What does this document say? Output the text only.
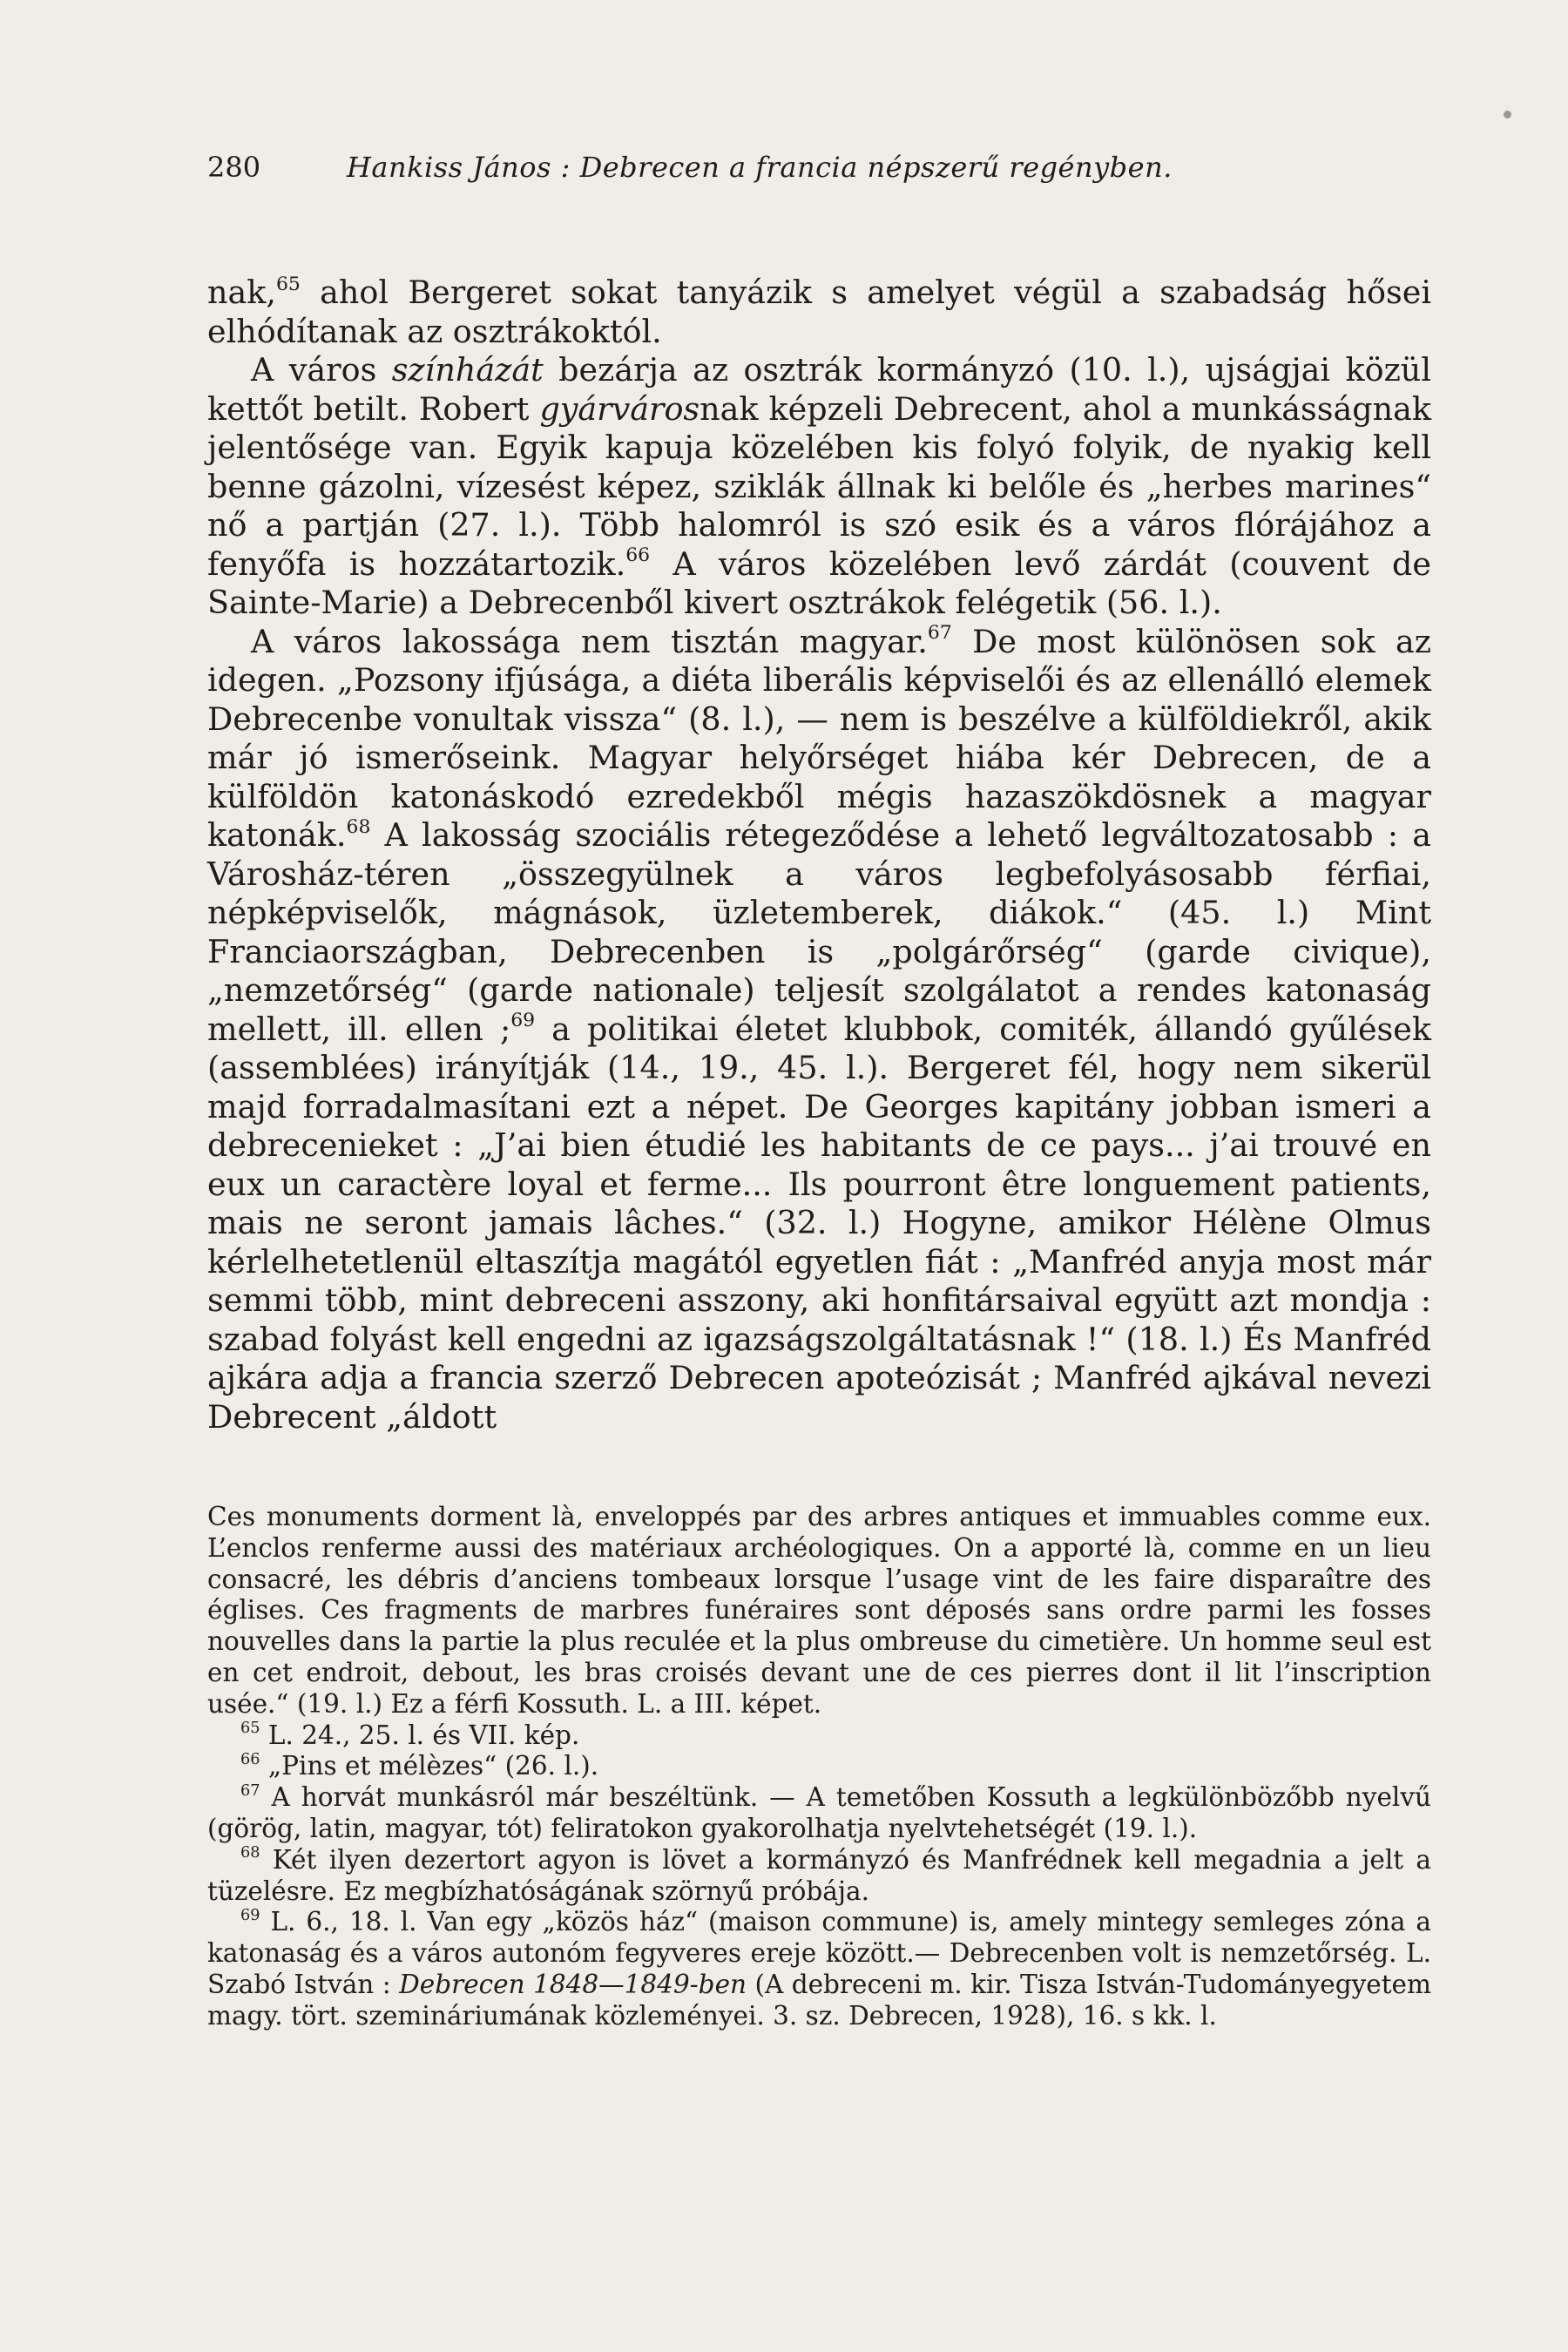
280	Hankiss János : Debrecen a francia népszerű regényben.

nak,$^{65}$ ahol Bergeret sokat tanyázik s amelyet végül a szabadság hősei elhódítanak az osztrákoktól.

A város színházát bezárja az osztrák kormányzó (10. l.), ujságjai közül kettőt betilt. Robert gyárvárosnak képzeli Debrecent, ahol a munkásságnak jelentősége van. Egyik kapuja közelében kis folyó folyik, de nyakig kell benne gázolni, vízesést képez, sziklák állnak ki belőle és „herbes marines“ nő a partján (27. l.). Több halomról is szó esik és a város flórájához a fenyőfa is hozzátartozik.$^{66}$ A város közelében levő zárdát (couvent de Sainte-Marie) a Debrecenből kivert osztrákok felégetik (56. l.).

A város lakossága nem tisztán magyar.$^{67}$ De most különösen sok az idegen. „Pozsony ifjúsága, a diéta liberális képviselői és az ellenálló elemek Debrecenbe vonultak vissza“ (8. l.), — nem is beszélve a külföldiekről, akik már jó ismerőseink. Magyar helyőrséget hiába kér Debrecen, de a külföldön katonáskodó ezredekből mégis hazaszökdösnek a magyar katonák.$^{68}$ A lakosság szociális rétegeződése a lehető legváltozatosabb : a Városház-téren „összegyülnek a város legbefolyásosabb férfiai, népképviselők, mágnások, üzletemberek, diákok.“ (45. l.) Mint Franciaországban, Debrecenben is „polgárőrség“ (garde civique), „nemzetőrség“ (garde nationale) teljesít szolgálatot a rendes katonaság mellett, ill. ellen ;$^{69}$ a politikai életet klubbok, comiték, állandó gyűlések (assemblées) irányítják (14., 19., 45. l.). Bergeret fél, hogy nem sikerül majd forradalmasítani ezt a népet. De Georges kapitány jobban ismeri a debrecenieket : „J’ai bien étudié les habitants de ce pays... j’ai trouvé en eux un caractère loyal et ferme... Ils pourront être longuement patients, mais ne seront jamais lâches.“ (32. l.) Hogyne, amikor Hélène Olmus kérlelhetetlenül eltaszítja magától egyetlen fiát : „Manfréd anyja most már semmi több, mint debreceni asszony, aki honfitársaival együtt azt mondja : szabad folyást kell engedni az igazságszolgáltatásnak !“ (18. l.) És Manfréd ajkára adja a francia szerző Debrecen apoteózisát ; Manfréd ajkával nevezi Debrecent „áldott

Ces monuments dorment là, enveloppés par des arbres antiques et immuables comme eux. L’enclos renferme aussi des matériaux archéologiques. On a apporté là, comme en un lieu consacré, les débris d’anciens tombeaux lorsque l’usage vint de les faire disparaître des églises. Ces fragments de marbres funéraires sont déposés sans ordre parmi les fosses nouvelles dans la partie la plus reculée et la plus ombreuse du cimetière. Un homme seul est en cet endroit, debout, les bras croisés devant une de ces pierres dont il lit l’inscription usée.“ (19. l.) Ez a férfi Kossuth. L. a III. képet.

$^{65}$ L. 24., 25. l. és VII. kép.

$^{66}$ „Pins et mélèzes“ (26. l.).

$^{67}$ A horvát munkásról már beszéltünk. — A temetőben Kossuth a legkülönbözőbb nyelvű (görög, latin, magyar, tót) feliratokon gyakorolhatja nyelvtehetségét (19. l.).

$^{68}$ Két ilyen dezertort agyon is lövet a kormányzó és Manfrédnek kell megadnia a jelt a tüzelésre. Ez megbízhatóságának szörnyű próbája.

$^{69}$ L. 6., 18. l. Van egy „közös ház“ (maison commune) is, amely mintegy semleges zóna a katonaság és a város autonóm fegyveres ereje között.— Debrecenben volt is nemzetőrség. L. Szabó István : Debrecen 1848—1849-ben (A debreceni m. kir. Tisza István-Tudományegyetem magy. tört. szemináriumának közleményei. 3. sz. Debrecen, 1928), 16. s kk. l.
